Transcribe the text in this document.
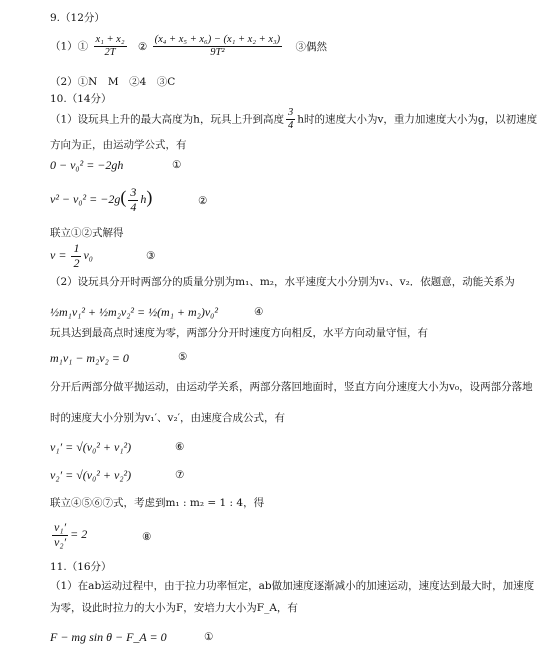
9.（12分）
（1）① $\frac{\text{x₁ + x₂}}{2T}$ ② $\frac{\text{(x₄ + x₅ + x₆) − (x₁ + x₂ + x₃)}}{\text{9T²}}$ ③偶然
（2）①N　M　②4　③C
10.（14分）
（1）设玩具上升的最大高度为h，玩具上升到高度 $\frac{3}{4}$ h时的速度大小为v，重力加速度大小为g，以初速度
方向为正，由运动学公式，有
0 − v₀² = −2gh	①
$v^2 - v_0^2 = -2g( \frac{3}{4} h)$	②
联立①②式解得
$v = \frac{1}{2} v_0$	③
（2）设玩具分开时两部分的质量分别为m₁、m₂，水平速度大小分别为v₁、v₂．依题意，动能关系为
½m₁v₁² + ½m₂v₂² = ½(m₁ + m₂)v₀²	④
玩具达到最高点时速度为零，两部分分开时速度方向相反，水平方向动量守恒，有
m₁v₁ − m₂v₂ = 0	⑤
分开后两部分做平抛运动，由运动学关系，两部分落回地面时，竖直方向分速度大小为v₀，设两部分落地
时的速度大小分别为v₁′、v₂′，由速度合成公式，有
v₁′ = √(v₀² + v₁²)	⑥
v₂′ = √(v₀² + v₂²)	⑦
联立④⑤⑥⑦式，考虑到m₁ : m₂ = 1 : 4，得
$\frac{\text{v₁′}}{\text{v₂′}} = 2$	⑧
11.（16分）
（1）在ab运动过程中，由于拉力功率恒定，ab做加速度逐渐减小的加速运动，速度达到最大时，加速度
为零，设此时拉力的大小为F，安培力大小为F_A，有
F − mg sin θ − F_A = 0	①
